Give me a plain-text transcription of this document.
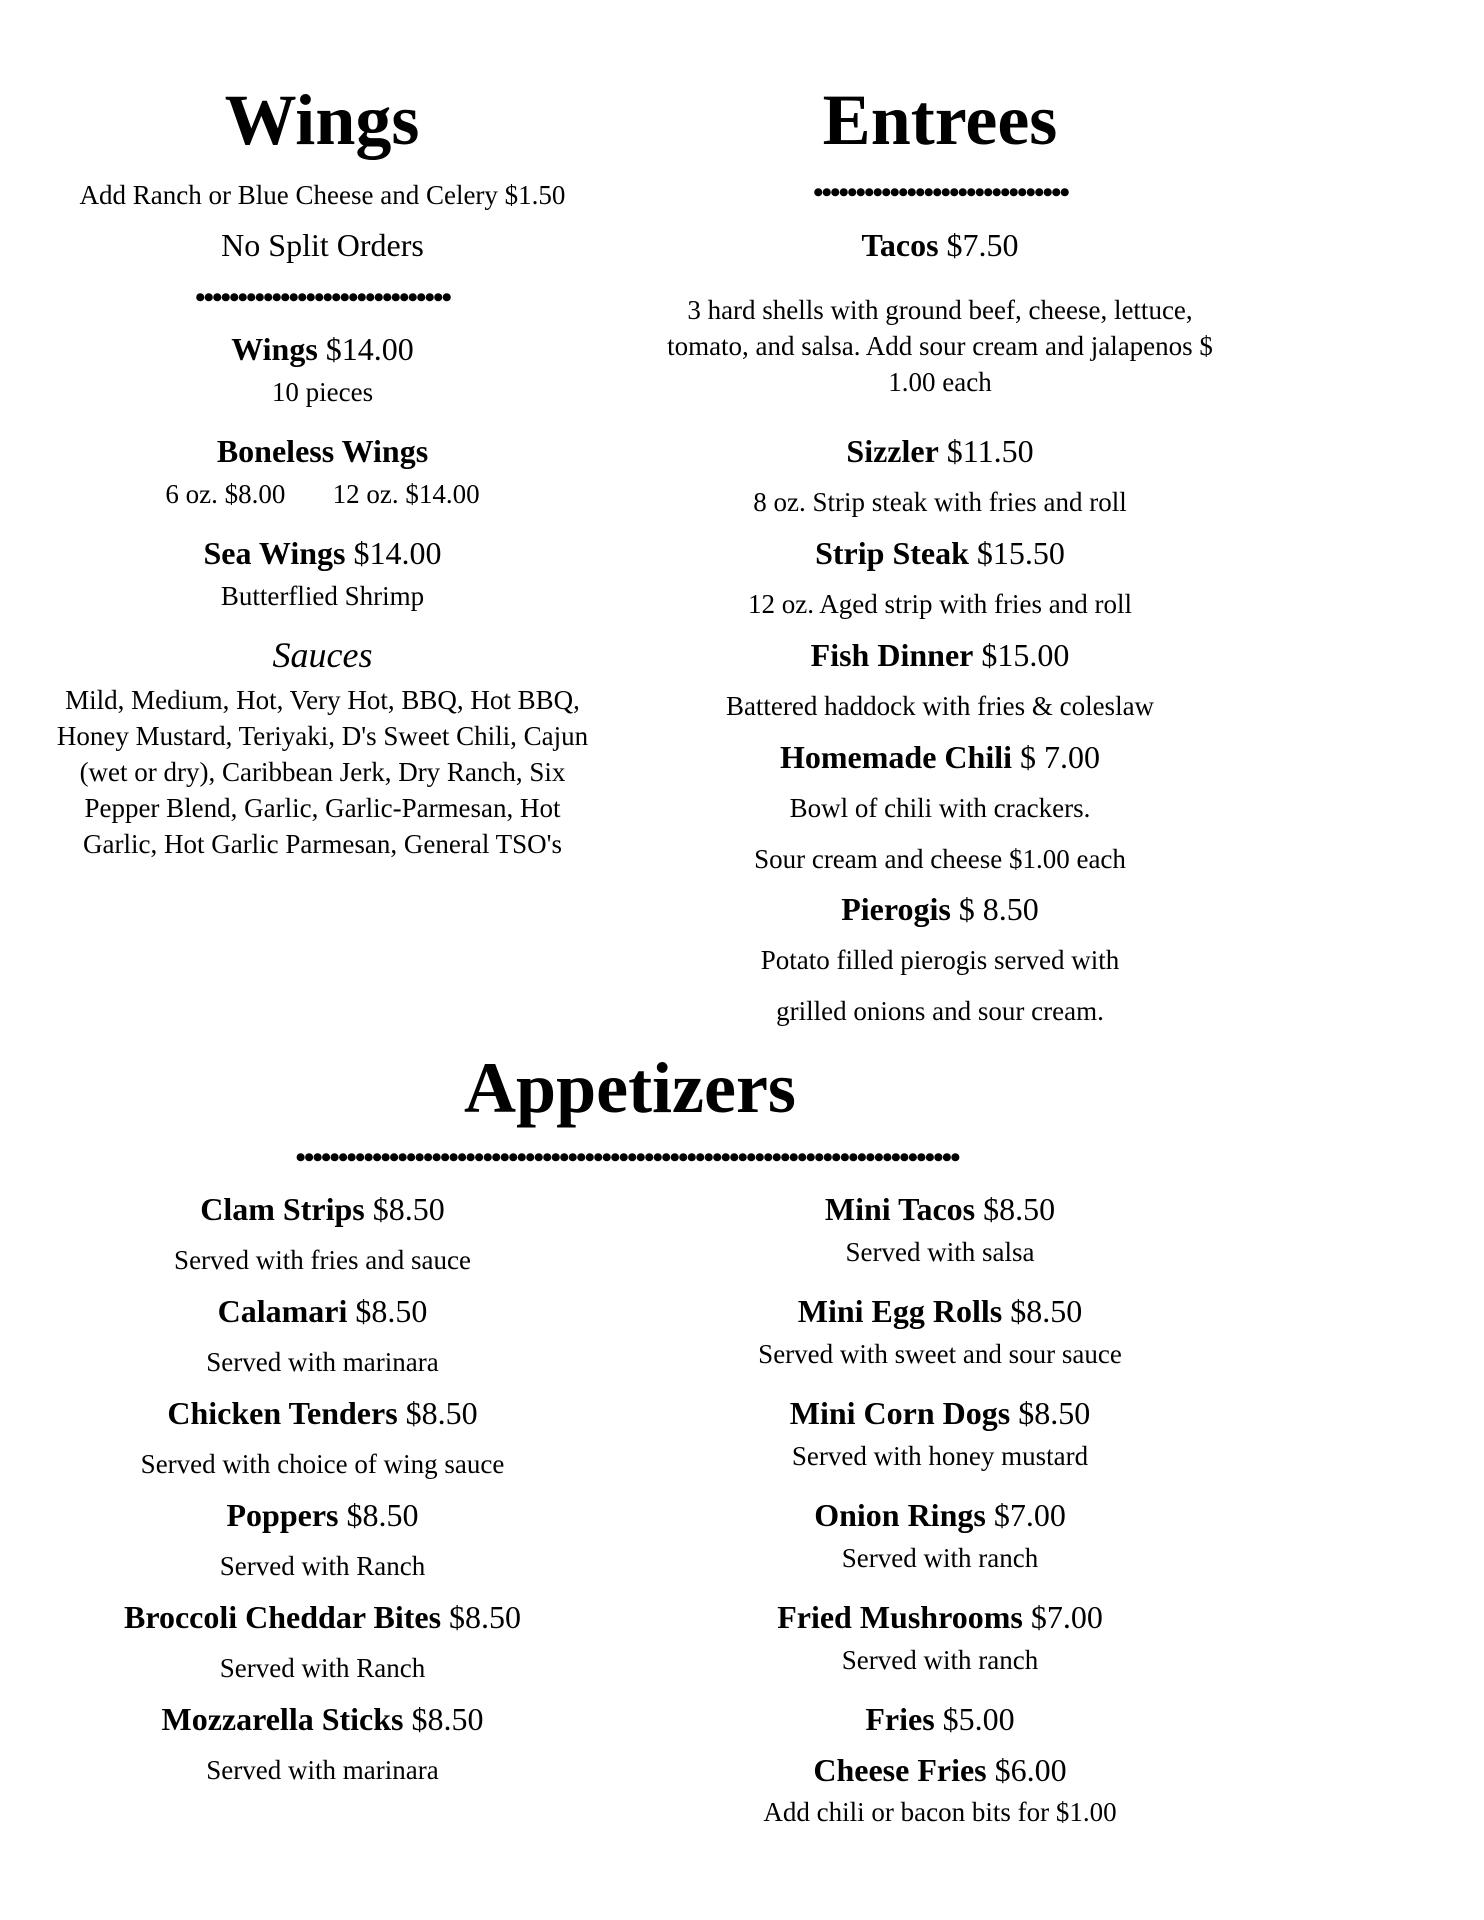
Wings
Add Ranch or Blue Cheese and Celery $1.50
No Split Orders
••••••••••••••••••••••••••••••
Wings $14.00
10 pieces
Boneless Wings
6 oz. $8.00       12 oz. $14.00
Sea Wings $14.00
Butterflied Shrimp
Sauces
Mild, Medium, Hot, Very Hot, BBQ, Hot BBQ, Honey Mustard, Teriyaki, D's Sweet Chili, Cajun (wet or dry), Caribbean Jerk, Dry Ranch, Six Pepper Blend, Garlic, Garlic-Parmesan, Hot Garlic, Hot Garlic Parmesan, General TSO's
Entrees
••••••••••••••••••••••••••••••
Tacos $7.50
3 hard shells with ground beef, cheese, lettuce, tomato, and salsa. Add sour cream and jalapenos $ 1.00 each
Sizzler $11.50
8 oz. Strip steak with fries and roll
Strip Steak $15.50
12 oz. Aged strip with fries and roll
Fish Dinner $15.00
Battered haddock with fries & coleslaw
Homemade Chili $ 7.00
Bowl of chili with crackers.
Sour cream and cheese $1.00 each
Pierogis $ 8.50
Potato filled pierogis served with
grilled onions and sour cream.
Appetizers
••••••••••••••••••••••••••••••••••••••••••••••••••••••••••••••••••••••••••••••
Clam Strips $8.50
Served with fries and sauce
Calamari $8.50
Served with marinara
Chicken Tenders $8.50
Served with choice of wing sauce
Poppers $8.50
Served with Ranch
Broccoli Cheddar Bites $8.50
Served with Ranch
Mozzarella Sticks $8.50
Served with marinara
Mini Tacos $8.50
Served with salsa
Mini Egg Rolls $8.50
Served with sweet and sour sauce
Mini Corn Dogs $8.50
Served with honey mustard
Onion Rings $7.00
Served with ranch
Fried Mushrooms $7.00
Served with ranch
Fries $5.00
Cheese Fries $6.00
Add chili or bacon bits for $1.00
